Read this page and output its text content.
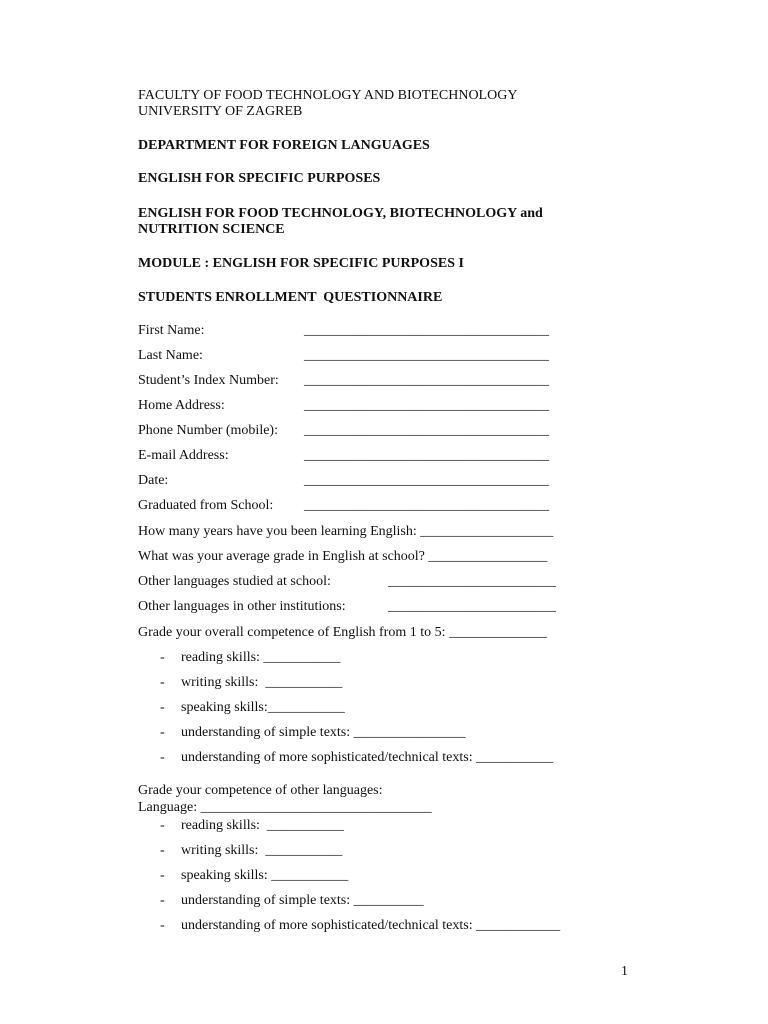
FACULTY OF FOOD TECHNOLOGY AND BIOTECHNOLOGY
UNIVERSITY OF ZAGREB
DEPARTMENT FOR FOREIGN LANGUAGES
ENGLISH FOR SPECIFIC PURPOSES
ENGLISH FOR FOOD TECHNOLOGY, BIOTECHNOLOGY and
NUTRITION SCIENCE
MODULE : ENGLISH FOR SPECIFIC PURPOSES I
STUDENTS ENROLLMENT  QUESTIONNAIRE
First Name:	___________________________________
Last Name:	___________________________________
Student’s Index Number: ___________________________________
Home Address:	___________________________________
Phone Number (mobile): ___________________________________
E-mail Address:	___________________________________
Date:	___________________________________
Graduated from School: ___________________________________
How many years have you been learning English: ___________________
What was your average grade in English at school? _________________
Other languages studied at school:	________________________
Other languages in other institutions:	________________________
Grade your overall competence of English from 1 to 5: ______________
- reading skills: ___________
- writing skills:  ___________
- speaking skills:___________
- understanding of simple texts: ________________
- understanding of more sophisticated/technical texts: ___________
Grade your competence of other languages:
Language: _________________________________
- reading skills:  ___________
- writing skills:  ___________
- speaking skills: ___________
- understanding of simple texts: __________
- understanding of more sophisticated/technical texts: ____________
1
